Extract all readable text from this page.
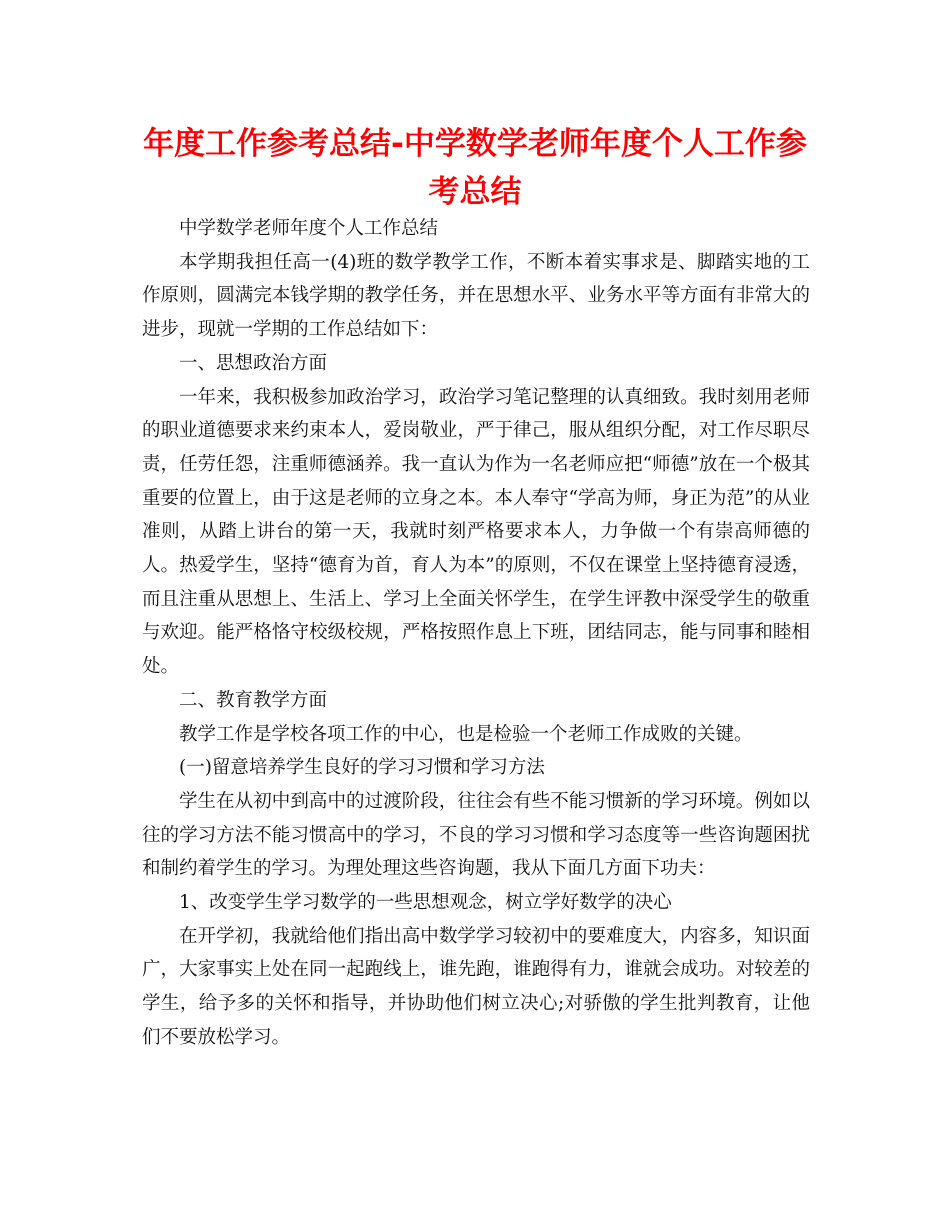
年度工作参考总结-中学数学老师年度个人工作参考总结

中学数学老师年度个人工作总结

本学期我担任高一(4)班的数学教学工作，不断本着实事求是、脚踏实地的工作原则，圆满完本钱学期的教学任务，并在思想水平、业务水平等方面有非常大的进步，现就一学期的工作总结如下：

一、思想政治方面

一年来，我积极参加政治学习，政治学习笔记整理的认真细致。我时刻用老师的职业道德要求来约束本人，爱岗敬业，严于律己，服从组织分配，对工作尽职尽责，任劳任怨，注重师德涵养。我一直认为作为一名老师应把“师德”放在一个极其重要的位置上，由于这是老师的立身之本。本人奉守“学高为师，身正为范”的从业准则，从踏上讲台的第一天，我就时刻严格要求本人，力争做一个有崇高师德的人。热爱学生，坚持“德育为首，育人为本”的原则，不仅在课堂上坚持德育浸透，而且注重从思想上、生活上、学习上全面关怀学生，在学生评教中深受学生的敬重与欢迎。能严格恪守校级校规，严格按照作息上下班，团结同志，能与同事和睦相处。

二、教育教学方面

教学工作是学校各项工作的中心，也是检验一个老师工作成败的关键。

(一)留意培养学生良好的学习习惯和学习方法

学生在从初中到高中的过渡阶段，往往会有些不能习惯新的学习环境。例如以往的学习方法不能习惯高中的学习，不良的学习习惯和学习态度等一些咨询题困扰和制约着学生的学习。为理处理这些咨询题，我从下面几方面下功夫：

1、改变学生学习数学的一些思想观念，树立学好数学的决心

在开学初，我就给他们指出高中数学学习较初中的要难度大，内容多，知识面广，大家事实上处在同一起跑线上，谁先跑，谁跑得有力，谁就会成功。对较差的学生，给予多的关怀和指导，并协助他们树立决心;对骄傲的学生批判教育，让他们不要放松学习。
